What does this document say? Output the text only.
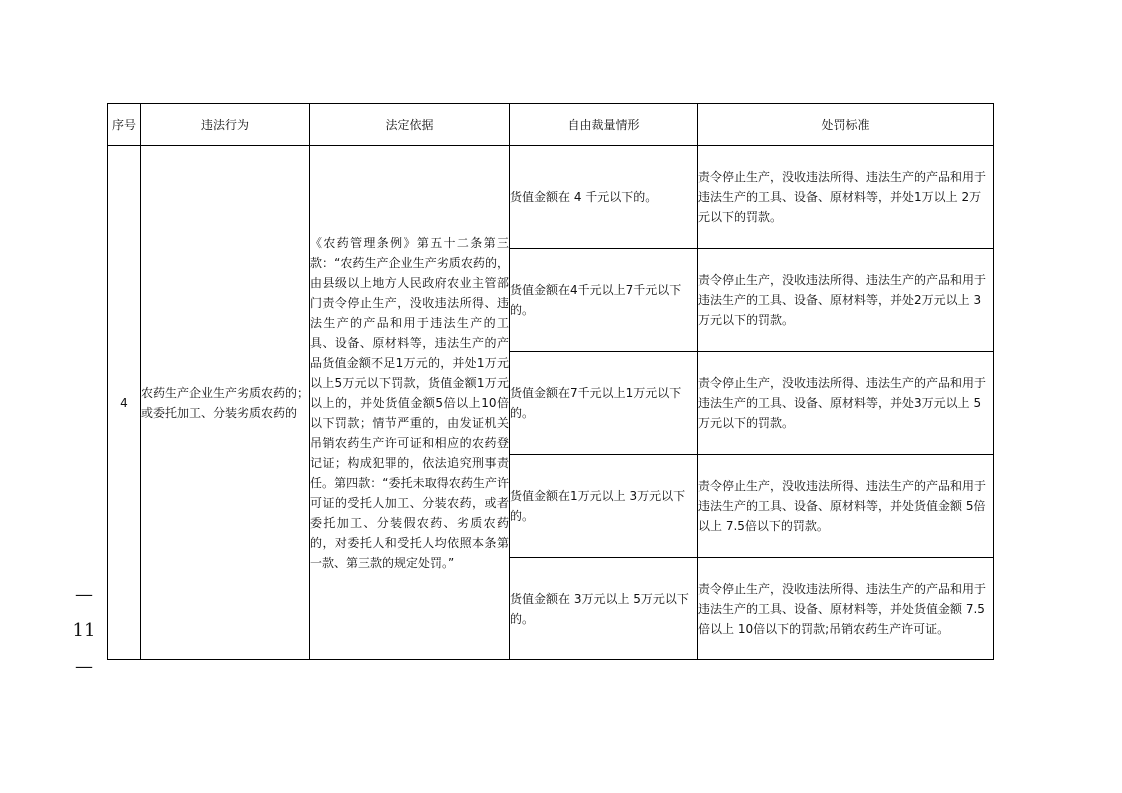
序号	违法行为	法定依据	自由裁量情形	处罚标准
4	农药生产企业生产劣质农药的；或委托加工、分装劣质农药的	《农药管理条例》第五十二条第三款：“农药生产企业生产劣质农药的，由县级以上地方人民政府农业主管部门责令停止生产，没收违法所得、违法生产的产品和用于违法生产的工具、设备、原材料等，违法生产的产品货值金额不足1万元的，并处1万元以上5万元以下罚款，货值金额1万元以上的，并处货值金额5倍以上10倍以下罚款；情节严重的，由发证机关吊销农药生产许可证和相应的农药登记证；构成犯罪的，依法追究刑事责任。第四款：“委托未取得农药生产许可证的受托人加工、分装农药，或者委托加工、分装假农药、劣质农药的，对委托人和受托人均依照本条第一款、第三款的规定处罚。”	货值金额在 4 千元以下的。	责令停止生产，没收违法所得、违法生产的产品和用于违法生产的工具、设备、原材料等，并处1万以上 2万元以下的罚款。
			货值金额在4千元以上7千元以下的。	责令停止生产，没收违法所得、违法生产的产品和用于违法生产的工具、设备、原材料等，并处2万元以上 3万元以下的罚款。
			货值金额在7千元以上1万元以下的。	责令停止生产，没收违法所得、违法生产的产品和用于违法生产的工具、设备、原材料等，并处3万元以上 5万元以下的罚款。
			货值金额在1万元以上 3万元以下的。	责令停止生产，没收违法所得、违法生产的产品和用于违法生产的工具、设备、原材料等，并处货值金额 5倍以上 7.5倍以下的罚款。
			货值金额在 3万元以上 5万元以下的。	责令停止生产，没收违法所得、违法生产的产品和用于违法生产的工具、设备、原材料等，并处货值金额 7.5倍以上 10倍以下的罚款;吊销农药生产许可证。
—
11
—
